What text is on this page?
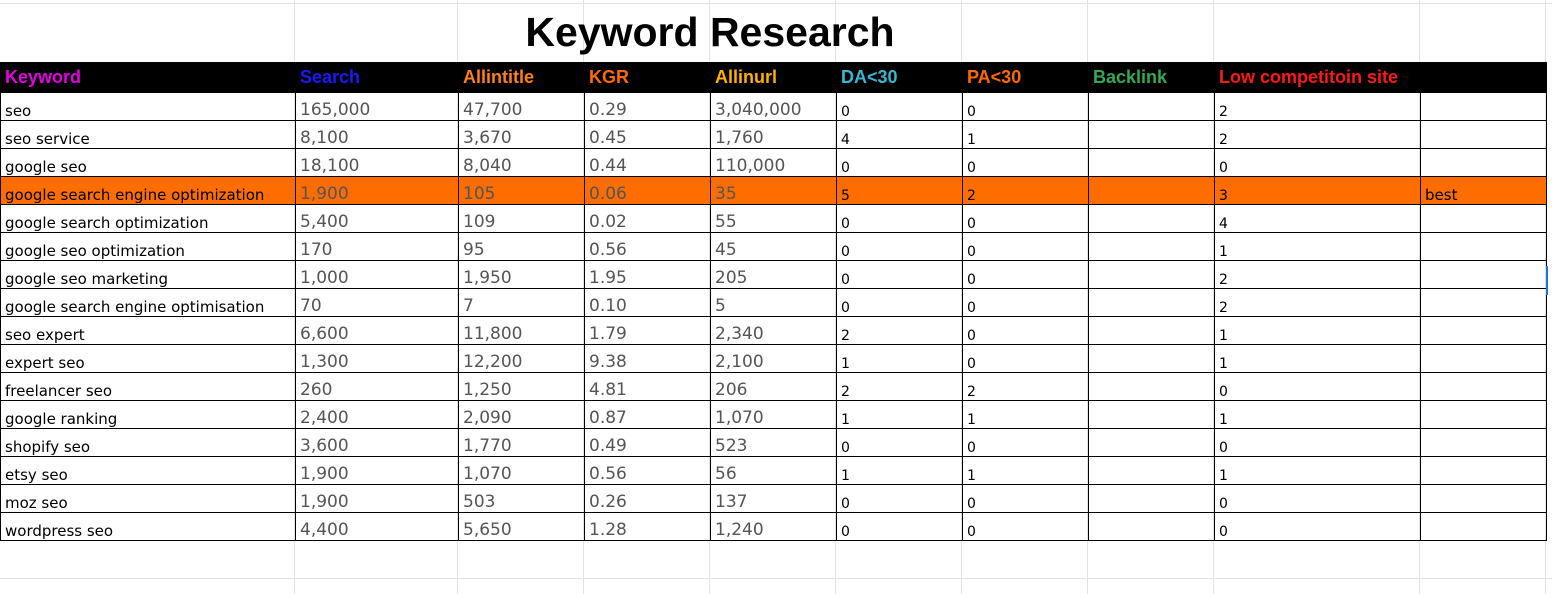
Keyword Research
Keyword	Search	Allintitle	KGR	Allinurl	DA<30	PA<30	Backlink	Low competitoin site	
seo	165,000	47,700	0.29	3,040,000	0	0		2	
seo service	8,100	3,670	0.45	1,760	4	1		2	
google seo	18,100	8,040	0.44	110,000	0	0		0	
google search engine optimization	1,900	105	0.06	35	5	2		3	best
google search optimization	5,400	109	0.02	55	0	0		4	
google seo optimization	170	95	0.56	45	0	0		1	
google seo marketing	1,000	1,950	1.95	205	0	0		2	
google search engine optimisation	70	7	0.10	5	0	0		2	
seo expert	6,600	11,800	1.79	2,340	2	0		1	
expert seo	1,300	12,200	9.38	2,100	1	0		1	
freelancer seo	260	1,250	4.81	206	2	2		0	
google ranking	2,400	2,090	0.87	1,070	1	1		1	
shopify seo	3,600	1,770	0.49	523	0	0		0	
etsy seo	1,900	1,070	0.56	56	1	1		1	
moz seo	1,900	503	0.26	137	0	0		0	
wordpress seo	4,400	5,650	1.28	1,240	0	0		0	
